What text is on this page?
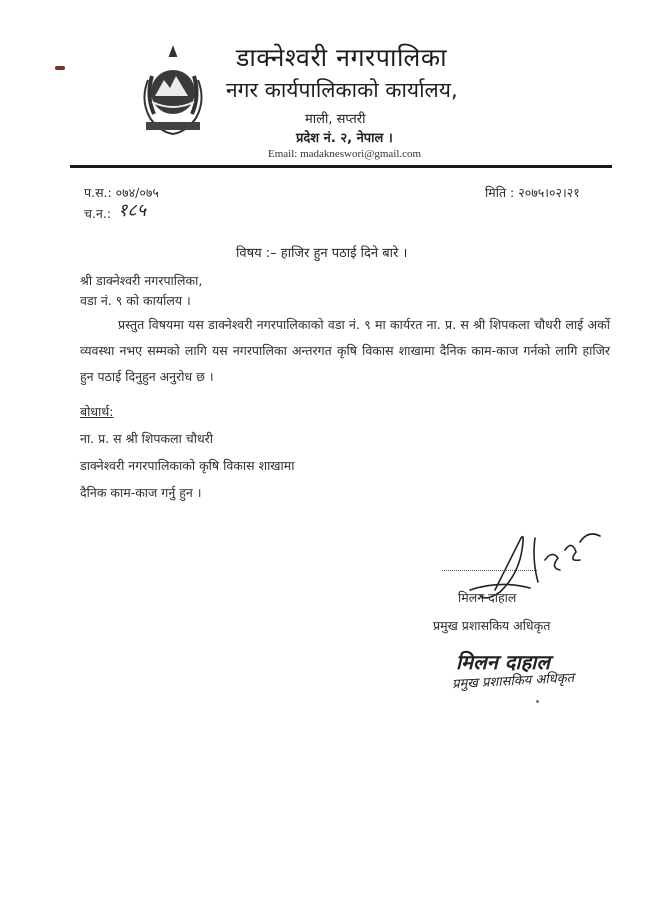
डाक्नेश्वरी नगरपालिका
नगर कार्यपालिकाको कार्यालय,
माली, सप्तरी
प्रदेश नं. २, नेपाल ।
Email: madakneswori@gmail.com
प.स.: ०७४/०७५
च.न.: १८५
मिति : २०७५।०२।२१
विषय :– हाजिर हुन पठाई दिने बारे ।
श्री डाक्नेश्वरी नगरपालिका,
वडा नं. ९ को कार्यालय ।
प्रस्तुत विषयमा यस डाक्नेश्वरी नगरपालिकाको वडा नं. ९ मा कार्यरत ना. प्र. स श्री शिपकला चौधरी लाई अर्को व्यवस्था नभए सम्मको लागि यस नगरपालिका अन्तरगत कृषि विकास शाखामा दैनिक काम-काज गर्नको लागि हाजिर हुन पठाई दिनुहुन अनुरोध छ ।
बोधार्थ:
ना. प्र. स श्री शिपकला चौधरी
डाक्नेश्वरी नगरपालिकाको कृषि विकास शाखामा
दैनिक काम-काज गर्नु हुन ।
मिलन दाहाल
प्रमुख प्रशासकिय अधिकृत
मिलन दाहाल
प्रमुख प्रशासकिय अधिकृत
